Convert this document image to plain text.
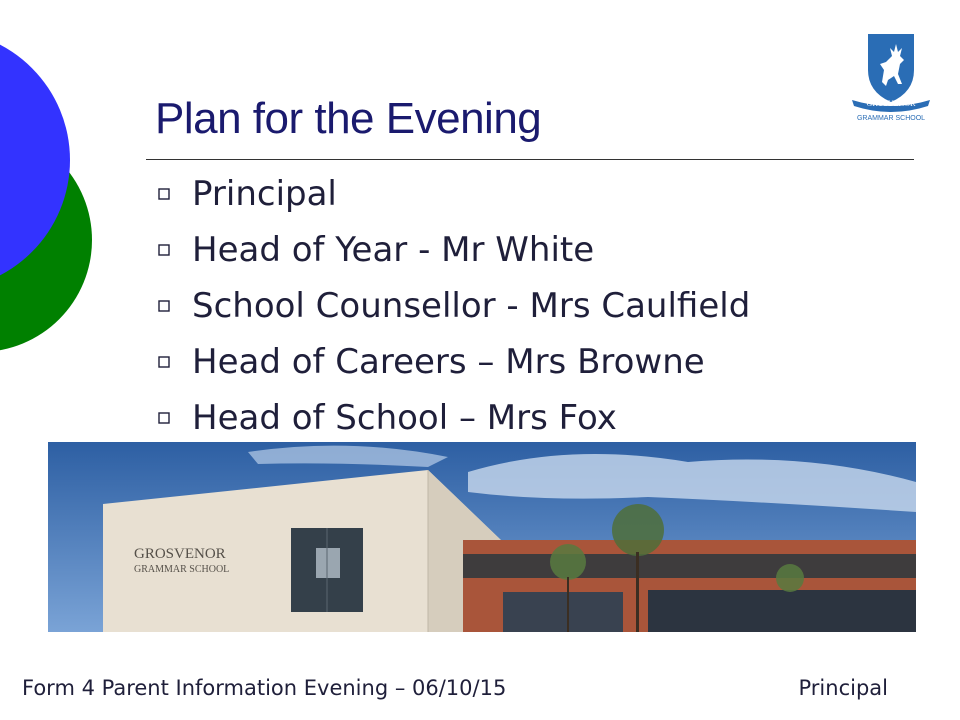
GROSVENOR
GRAMMAR SCHOOL
Plan for the Evening
Principal
Head of Year - Mr White
School Counsellor - Mrs Caulfield
Head of Careers – Mrs Browne
Head of School – Mrs Fox
GROSVENOR
GRAMMAR SCHOOL
Form 4 Parent Information Evening – 06/10/15	Principal
